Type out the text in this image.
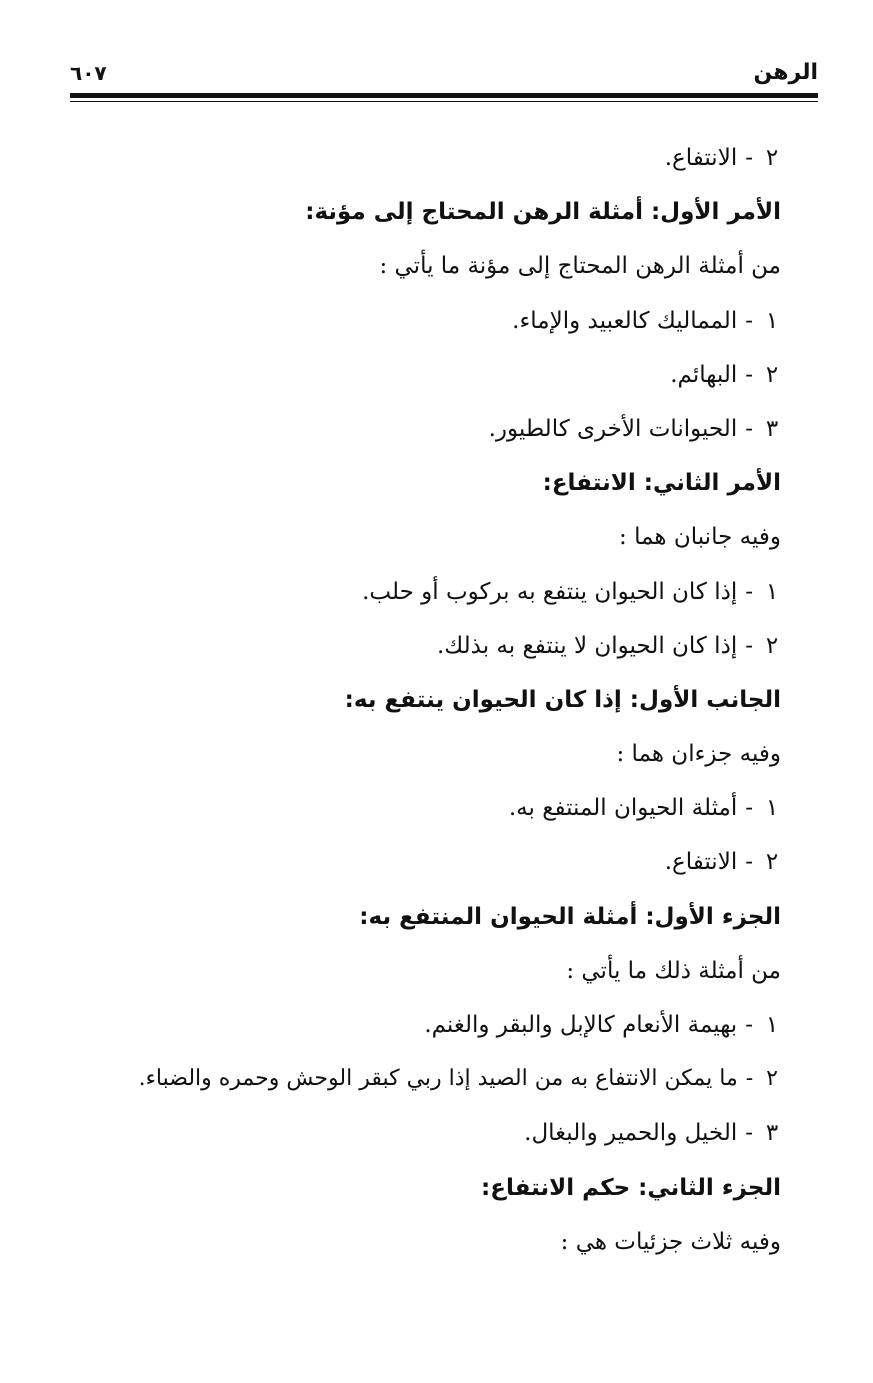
الرهن
٦٠٧
٢-الانتفاع.
الأمر الأول: أمثلة الرهن المحتاج إلى مؤنة:
من أمثلة الرهن المحتاج إلى مؤنة ما يأتي :
١-المماليك كالعبيد والإماء.
٢-البهائم.
٣-الحيوانات الأخرى كالطيور.
الأمر الثاني: الانتفاع:
وفيه جانبان هما :
١-إذا كان الحيوان ينتفع به بركوب أو حلب.
٢-إذا كان الحيوان لا ينتفع به بذلك.
الجانب الأول: إذا كان الحيوان ينتفع به:
وفيه جزءان هما :
١-أمثلة الحيوان المنتفع به.
٢-الانتفاع.
الجزء الأول: أمثلة الحيوان المنتفع به:
من أمثلة ذلك ما يأتي :
١-بهيمة الأنعام كالإبل والبقر والغنم.
٢-ما يمكن الانتفاع به من الصيد إذا ربي كبقر الوحش وحمره والضباء.
٣-الخيل والحمير والبغال.
الجزء الثاني: حكم الانتفاع:
وفيه ثلاث جزئيات هي :
